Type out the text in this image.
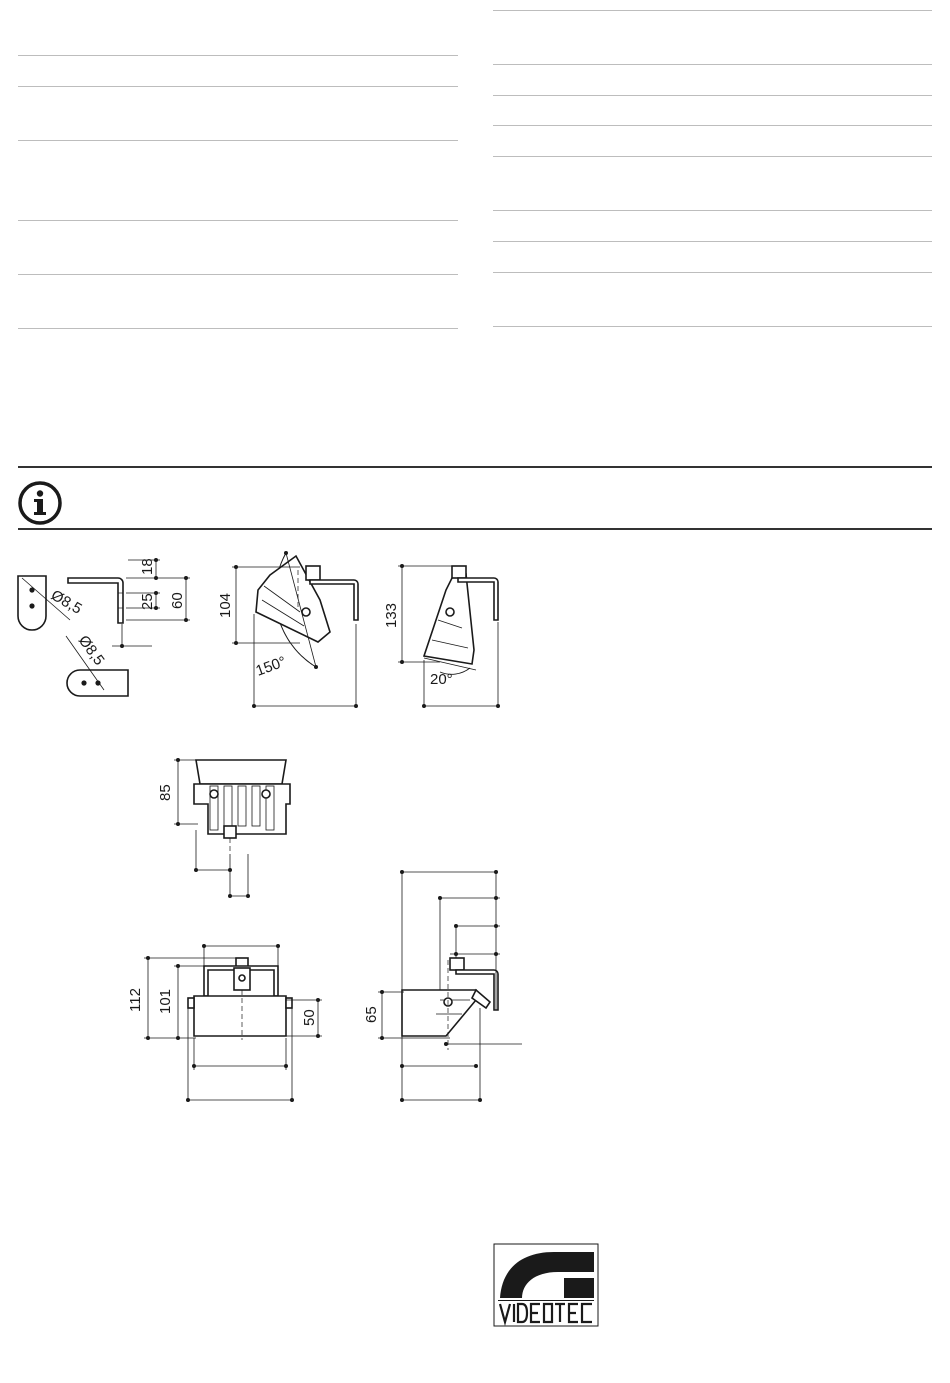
18
25 60
Ø8,5
Ø8,5
104
150°
133
20°
85
112 101
50	65
